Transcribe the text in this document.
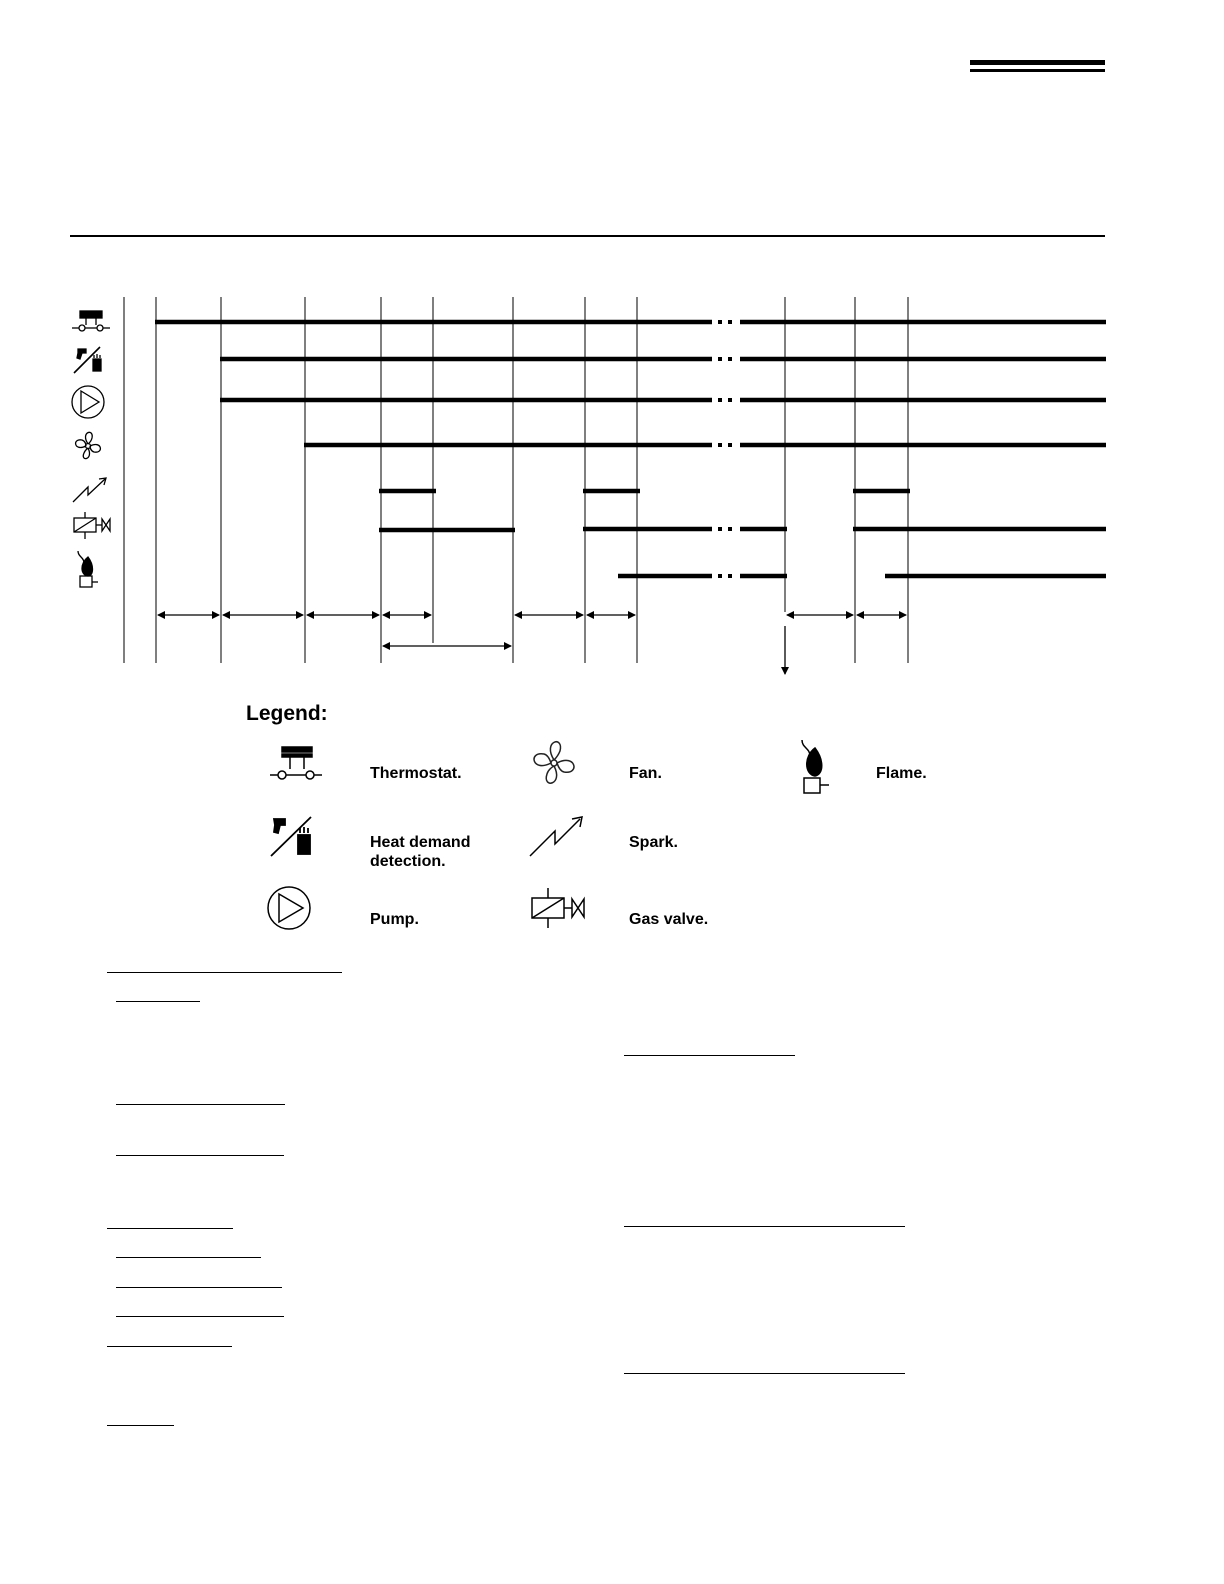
Legend:
Thermostat.
Heat demand detection.
Pump.
Fan.
Spark.
Gas valve.
Flame.
